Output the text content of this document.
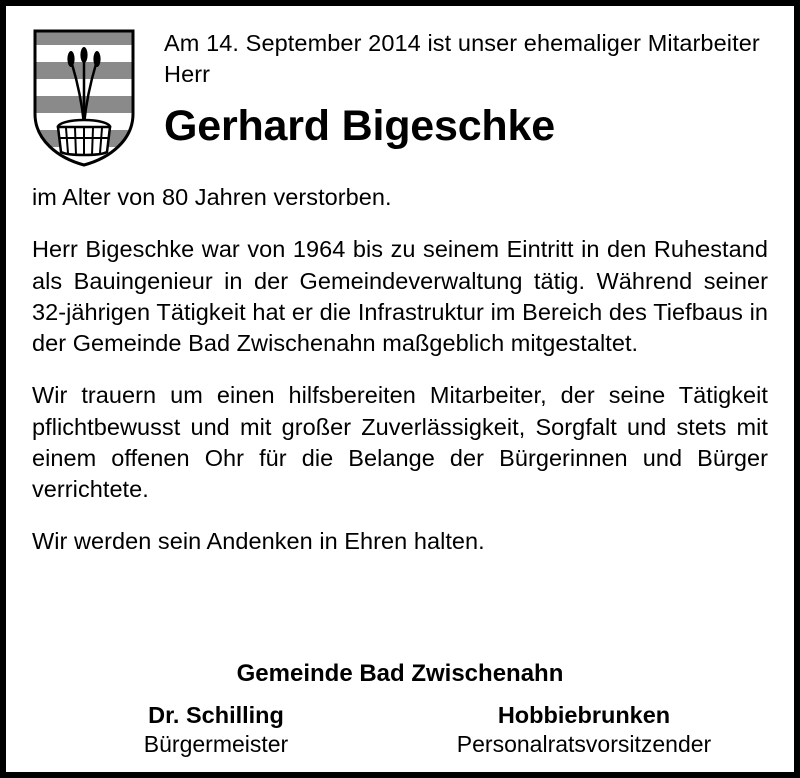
Am 14. September 2014 ist unser ehemaliger Mitarbeiter Herr
Gerhard Bigeschke

im Alter von 80 Jahren verstorben.

Herr Bigeschke war von 1964 bis zu seinem Eintritt in den Ruhestand als Bauingenieur in der Gemeindeverwaltung tätig. Während seiner 32-jährigen Tätigkeit hat er die Infrastruktur im Bereich des Tiefbaus in der Gemeinde Bad Zwischenahn maßgeblich mitgestaltet.

Wir trauern um einen hilfsbereiten Mitarbeiter, der seine Tätigkeit pflichtbewusst und mit großer Zuverlässigkeit, Sorgfalt und stets mit einem offenen Ohr für die Belange der Bürgerinnen und Bürger verrichtete.

Wir werden sein Andenken in Ehren halten.

Gemeinde Bad Zwischenahn
Dr. Schilling
Bürgermeister
Hobbiebrunken
Personalratsvorsitzender
